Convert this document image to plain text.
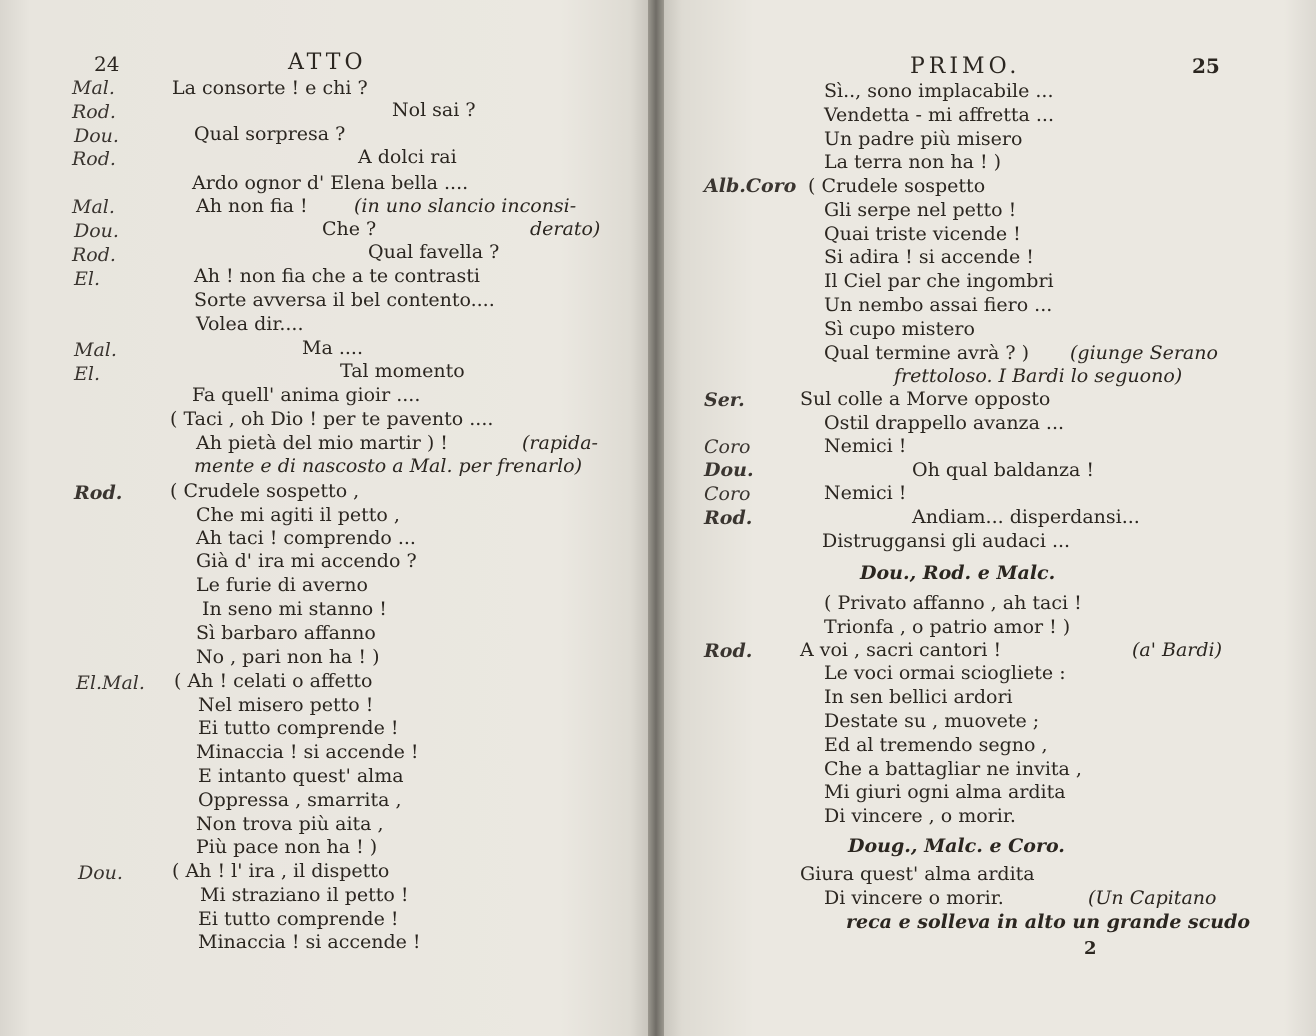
24	ATTO
Mal.	La consorte ! e chi ?
Rod.	Nol sai ?
Dou.	Qual sorpresa ?
Rod.	A dolci rai
Ardo ognor d' Elena bella ....
Mal.	Ah non fia ! (in uno slancio inconsi-
Dou.	Che ?	derato)
Rod.	Qual favella ?
El.	Ah ! non fia che a te contrasti
Sorte avversa il bel contento....
Volea dir....
Mal.	Ma ....
El.	Tal momento
Fa quell' anima gioir ....
( Taci , oh Dio ! per te pavento ....
Ah pietà del mio martir ) !	(rapida-
mente e di nascosto a Mal. per frenarlo)
Rod.	( Crudele sospetto ,
Che mi agiti il petto ,
Ah taci ! comprendo ...
Già d' ira mi accendo ?
Le furie di averno
In seno mi stanno !
Sì barbaro affanno
No , pari non ha ! )
El.Mal. ( Ah ! celati o affetto
Nel misero petto !
Ei tutto comprende !
Minaccia ! si accende !
E intanto quest' alma
Oppressa , smarrita ,
Non trova più aita ,
Più pace non ha ! )
Dou.	( Ah ! l' ira , il dispetto
Mi straziano il petto !
Ei tutto comprende !
Minaccia ! si accende !
PRIMO.	25
Sì.., sono implacabile ...
Vendetta - mi affretta ...
Un padre più misero
La terra non ha ! )
Alb.Coro ( Crudele sospetto
Gli serpe nel petto !
Quai triste vicende !
Si adira ! si accende !
Il Ciel par che ingombri
Un nembo assai fiero ...
Sì cupo mistero
Qual termine avrà ? ) (giunge Serano
frettoloso. I Bardi lo seguono)
Ser.	Sul colle a Morve opposto
Ostil drappello avanza ...
Coro	Nemici !
Dou.	Oh qual baldanza !
Coro	Nemici !
Rod.	Andiam... disperdansi...
Distruggansi gli audaci ...
Dou., Rod. e Malc.
( Privato affanno , ah taci !
Trionfa , o patrio amor ! )
Rod.	A voi , sacri cantori !	(a' Bardi)
Le voci ormai sciogliete :
In sen bellici ardori
Destate su , muovete ;
Ed al tremendo segno ,
Che a battagliar ne invita ,
Mi giuri ogni alma ardita
Di vincere , o morir.
Doug., Malc. e Coro.
Giura quest' alma ardita
Di vincere o morir.	(Un Capitano
reca e solleva in alto un grande scudo
2
